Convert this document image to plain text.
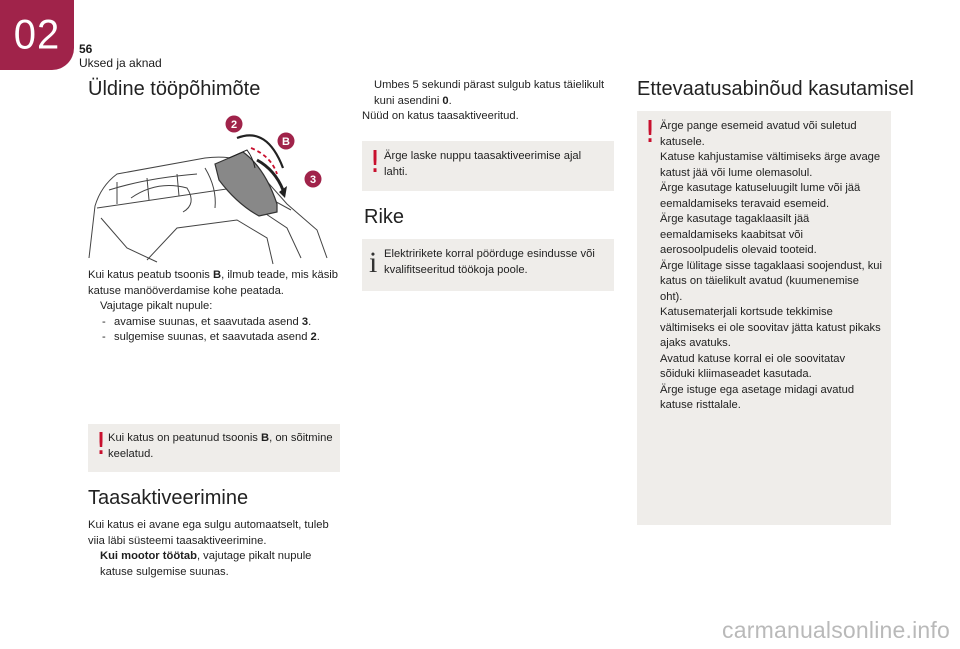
02 56
Uksed ja aknad
Üldine tööpõhimõte
2
B
3
Kui katus peatub tsoonis B, ilmub teade, mis käsib katuse manööverdamise kohe peatada.
Vajutage pikalt nupule:
- avamise suunas, et saavutada asend 3.
- sulgemise suunas, et saavutada asend 2.
! Kui katus on peatunud tsoonis B, on sõitmine keelatud.
Taasaktiveerimine
Kui katus ei avane ega sulgu automaatselt, tuleb viia läbi süsteemi taasaktiveerimine.
Kui mootor töötab, vajutage pikalt nupule katuse sulgemise suunas.
Umbes 5 sekundi pärast sulgub katus täielikult kuni asendini 0.
Nüüd on katus taasaktiveeritud.
! Ärge laske nuppu taasaktiveerimise ajal lahti.
Rike
i Elektririkete korral pöörduge esindusse või kvalifitseeritud töökoja poole.
Ettevaatusabinõud kasutamisel
! Ärge pange esemeid avatud või suletud katusele.
Katuse kahjustamise vältimiseks ärge avage katust jää või lume olemasolul.
Ärge kasutage katuseluugilt lume või jää eemaldamiseks teravaid esemeid.
Ärge kasutage tagaklaasilt jää eemaldamiseks kaabitsat või aerosoolpudelis olevaid tooteid.
Ärge lülitage sisse tagaklaasi soojendust, kui katus on täielikult avatud (kuumenemise oht).
Katusematerjali kortsude tekkimise vältimiseks ei ole soovitav jätta katust pikaks ajaks avatuks.
Avatud katuse korral ei ole soovitatav sõiduki kliimaseadet kasutada.
Ärge istuge ega asetage midagi avatud katuse risttalale.
carmanualsonline.info
